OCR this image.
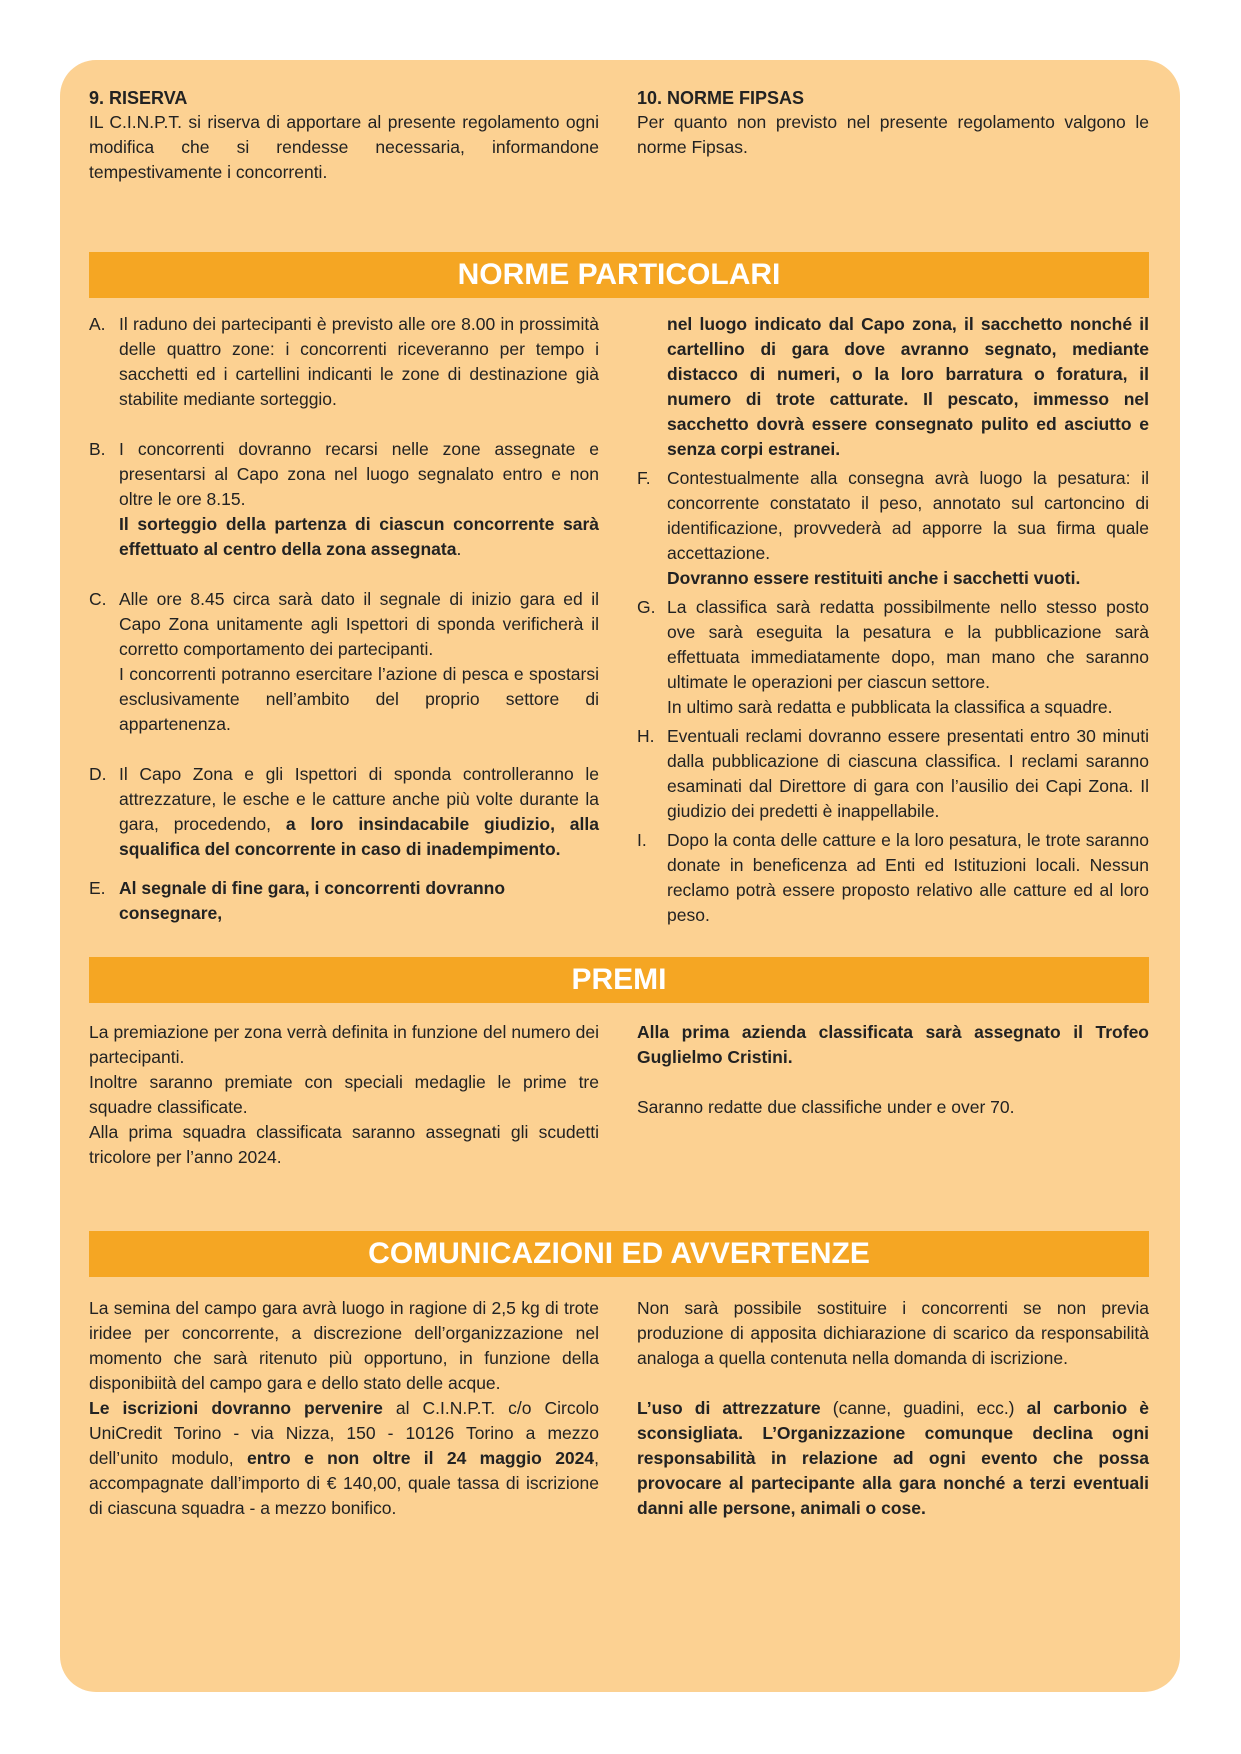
9. RISERVA

IL C.I.N.P.T. si riserva di apportare al presente regolamento ogni modifica che si rendesse necessaria, informandone tempestivamente i concorrenti.

10. NORME FIPSAS

Per quanto non previsto nel presente regolamento valgono le norme Fipsas.

NORME PARTICOLARI
A. Il raduno dei partecipanti è previsto alle ore 8.00 in prossimità delle quattro zone: i concorrenti riceveranno per tempo i sacchetti ed i cartellini indicanti le zone di destinazione già stabilite mediante sorteggio.

B. I concorrenti dovranno recarsi nelle zone assegnate e presentarsi al Capo zona nel luogo segnalato entro e non oltre le ore 8.15.

Il sorteggio della partenza di ciascun concorrente sarà effettuato al centro della zona assegnata.

C. Alle ore 8.45 circa sarà dato il segnale di inizio gara ed il Capo Zona unitamente agli Ispettori di sponda verificherà il corretto comportamento dei partecipanti.

I concorrenti potranno esercitare l’azione di pesca e spostarsi esclusivamente nell’ambito del proprio settore di appartenenza.

D. Il Capo Zona e gli Ispettori di sponda controlleranno le attrezzature, le esche e le catture anche più volte durante la gara, procedendo, a loro insindacabile giudizio, alla squalifica del concorrente in caso di inadempimento.

E. Al segnale di fine gara, i concorrenti dovranno consegnare,

nel luogo indicato dal Capo zona, il sacchetto nonché il cartellino di gara dove avranno segnato, mediante distacco di numeri, o la loro barratura o foratura, il numero di trote catturate. Il pescato, immesso nel sacchetto dovrà essere consegnato pulito ed asciutto e senza corpi estranei.

F. Contestualmente alla consegna avrà luogo la pesatura: il concorrente constatato il peso, annotato sul cartoncino di identificazione, provvederà ad apporre la sua firma quale accettazione.

Dovranno essere restituiti anche i sacchetti vuoti.

G. La classifica sarà redatta possibilmente nello stesso posto ove sarà eseguita la pesatura e la pubblicazione sarà effettuata immediatamente dopo, man mano che saranno ultimate le operazioni per ciascun settore.

In ultimo sarà redatta e pubblicata la classifica a squadre.

H. Eventuali reclami dovranno essere presentati entro 30 minuti dalla pubblicazione di ciascuna classifica. I reclami saranno esaminati dal Direttore di gara con l’ausilio dei Capi Zona. Il giudizio dei predetti è inappellabile.

I. Dopo la conta delle catture e la loro pesatura, le trote saranno donate in beneficenza ad Enti ed Istituzioni locali. Nessun reclamo potrà essere proposto relativo alle catture ed al loro peso.

PREMI

La premiazione per zona verrà definita in funzione del numero dei partecipanti.

Inoltre saranno premiate con speciali medaglie le prime tre squadre classificate.

Alla prima squadra classificata saranno assegnati gli scudetti tricolore per l’anno 2024.

Alla prima azienda classificata sarà assegnato il Trofeo Guglielmo Cristini.

Saranno redatte due classifiche under e over 70.

COMUNICAZIONI ED AVVERTENZE

La semina del campo gara avrà luogo in ragione di 2,5 kg di trote iridee per concorrente, a discrezione dell’organizzazione nel momento che sarà ritenuto più opportuno, in funzione della disponibiità del campo gara e dello stato delle acque.

Le iscrizioni dovranno pervenire al C.I.N.P.T. c/o Circolo UniCredit Torino - via Nizza, 150 - 10126 Torino a mezzo dell’unito modulo, entro e non oltre il 24 maggio 2024, accompagnate dall’importo di € 140,00, quale tassa di iscrizione di ciascuna squadra - a mezzo bonifico.

Non sarà possibile sostituire i concorrenti se non previa produzione di apposita dichiarazione di scarico da responsabilità analoga a quella contenuta nella domanda di iscrizione.

L’uso di attrezzature (canne, guadini, ecc.) al carbonio è sconsigliata. L’Organizzazione comunque declina ogni responsabilità in relazione ad ogni evento che possa provocare al partecipante alla gara nonché a terzi eventuali danni alle persone, animali o cose.
